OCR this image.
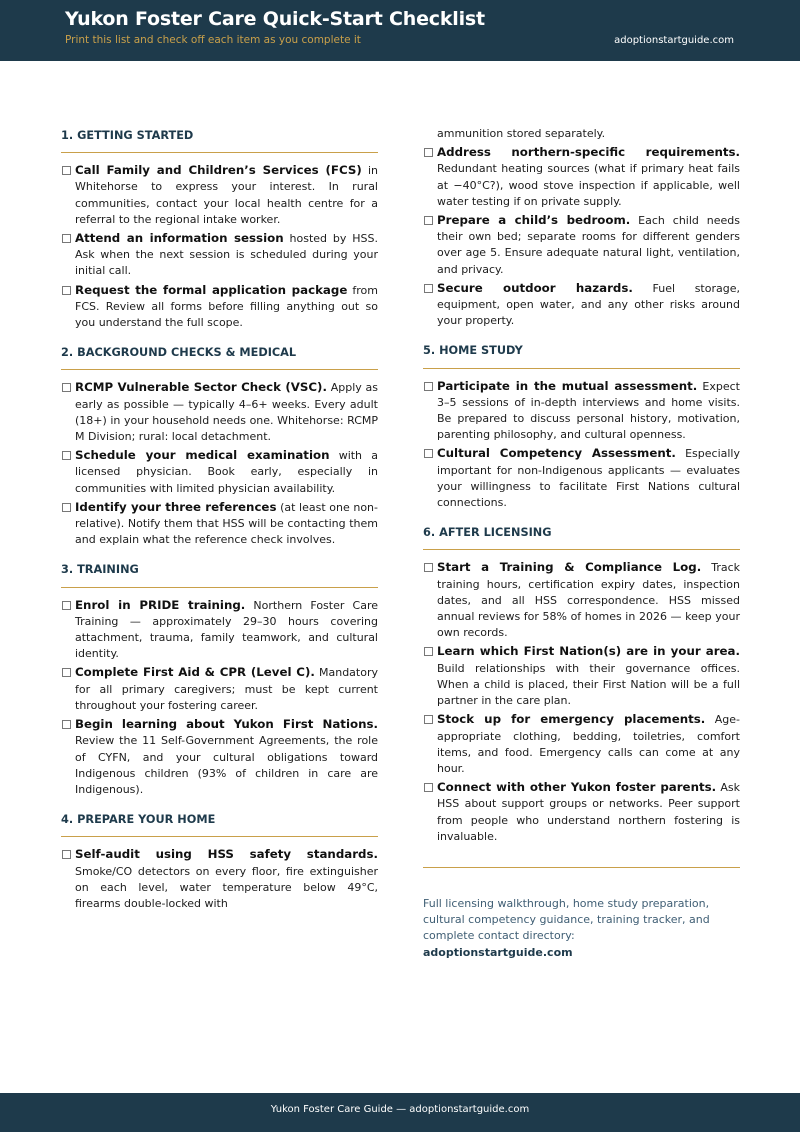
Yukon Foster Care Quick-Start Checklist
Print this list and check off each item as you complete it	adoptionstartguide.com
1. GETTING STARTED
Call Family and Children’s Services (FCS) in Whitehorse to express your interest. In rural communities, contact your local health centre for a referral to the regional intake worker.
Attend an information session hosted by HSS. Ask when the next session is scheduled during your initial call.
Request the formal application package from FCS. Review all forms before filling anything out so you understand the full scope.
2. BACKGROUND CHECKS & MEDICAL
RCMP Vulnerable Sector Check (VSC). Apply as early as possible — typically 4–6+ weeks. Every adult (18+) in your household needs one. Whitehorse: RCMP M Division; rural: local detachment.
Schedule your medical examination with a licensed physician. Book early, especially in communities with limited physician availability.
Identify your three references (at least one non-relative). Notify them that HSS will be contacting them and explain what the reference check involves.
3. TRAINING
Enrol in PRIDE training. Northern Foster Care Training — approximately 29–30 hours covering attachment, trauma, family teamwork, and cultural identity.
Complete First Aid & CPR (Level C). Mandatory for all primary caregivers; must be kept current throughout your fostering career.
Begin learning about Yukon First Nations. Review the 11 Self-Government Agreements, the role of CYFN, and your cultural obligations toward Indigenous children (93% of children in care are Indigenous).
4. PREPARE YOUR HOME
Self-audit using HSS safety standards. Smoke/CO detectors on every floor, fire extinguisher on each level, water temperature below 49°C, firearms double-locked with
ammunition stored separately.
Address northern-specific requirements. Redundant heating sources (what if primary heat fails at −40°C?), wood stove inspection if applicable, well water testing if on private supply.
Prepare a child’s bedroom. Each child needs their own bed; separate rooms for different genders over age 5. Ensure adequate natural light, ventilation, and privacy.
Secure outdoor hazards. Fuel storage, equipment, open water, and any other risks around your property.
5. HOME STUDY
Participate in the mutual assessment. Expect 3–5 sessions of in-depth interviews and home visits. Be prepared to discuss personal history, motivation, parenting philosophy, and cultural openness.
Cultural Competency Assessment. Especially important for non-Indigenous applicants — evaluates your willingness to facilitate First Nations cultural connections.
6. AFTER LICENSING
Start a Training & Compliance Log. Track training hours, certification expiry dates, inspection dates, and all HSS correspondence. HSS missed annual reviews for 58% of homes in 2026 — keep your own records.
Learn which First Nation(s) are in your area. Build relationships with their governance offices. When a child is placed, their First Nation will be a full partner in the care plan.
Stock up for emergency placements. Age-appropriate clothing, bedding, toiletries, comfort items, and food. Emergency calls can come at any hour.
Connect with other Yukon foster parents. Ask HSS about support groups or networks. Peer support from people who understand northern fostering is invaluable.
Full licensing walkthrough, home study preparation, cultural competency guidance, training tracker, and complete contact directory:
adoptionstartguide.com
Yukon Foster Care Guide — adoptionstartguide.com
